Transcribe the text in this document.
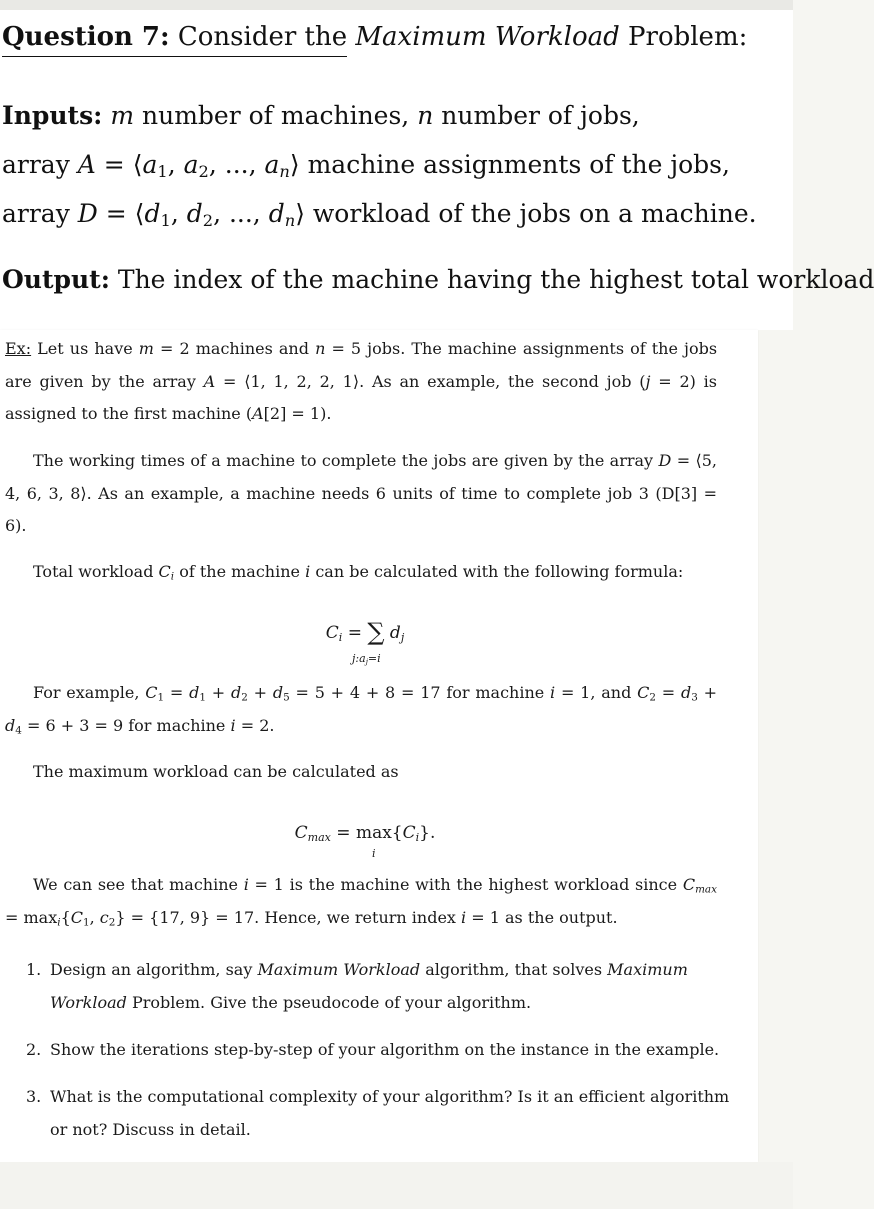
Question 7: Consider the Maximum Workload Problem:
Inputs: m number of machines, n number of jobs,
array $A = ⟨a_1$, $a_2$, ..., $a_n⟩$ machine assignments of the jobs,
array $D = ⟨d_1$, $d_2$, ..., $d_n⟩$ workload of the jobs on a machine.
Output: The index of the machine having the highest total workload
Ex: Let us have m = 2 machines and n = 5 jobs. The machine assignments of the jobs are given by the array A = ⟨1, 1, 2, 2, 1⟩. As an example, the second job (j = 2) is assigned to the first machine (A[2] = 1).
The working times of a machine to complete the jobs are given by the array D = ⟨5, 4, 6, 3, 8⟩. As an example, a machine needs 6 units of time to complete job 3 (D[3] = 6).
Total workload $C_i$ of the machine i can be calculated with the following formula:
$C_i$ = ∑ $d_j$
$j:a_j=i$
For example, $C_1 = d_1 + d_2 + d_5 = 5 + 4 + 8 = 17$ for machine i = 1, and $C_2 = d_3 + d_4 = 6 + 3 = 9$ for machine i = 2.
The maximum workload can be calculated as
$C_{max} = \max\{C_i\}$.
i
We can see that machine i = 1 is the machine with the highest workload since $C_{max} = \max_i\{C_1$, $c_2\} = \{17$, 9} = 17. Hence, we return index i = 1 as the output.
1. Design an algorithm, say Maximum Workload algorithm, that solves Maximum Workload Problem. Give the pseudocode of your algorithm.
2. Show the iterations step-by-step of your algorithm on the instance in the example.
3. What is the computational complexity of your algorithm? Is it an efficient algorithm or not? Discuss in detail.
